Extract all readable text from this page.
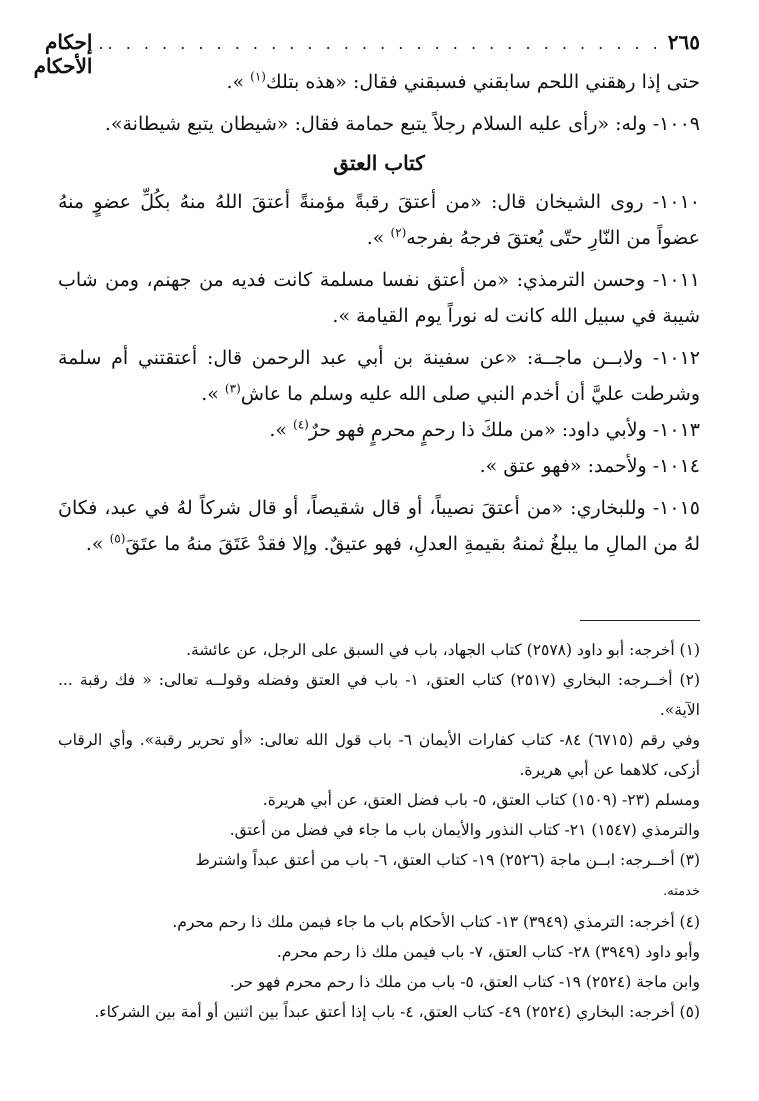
٢٦٥
. . . . . . . . . . . . . . . . . . . . . . . . . . . . . . ..
إحكام الأحكام

حتى إذا رهقني اللحم سابقني فسبقني فقال: «هذه بتلك$^{(١)}$ ».

١٠٠٩- وله: «رأى عليه السلام رجلاً يتبع حمامة فقال: «شيطان يتبع شيطانة».

كتاب العتق

١٠١٠- روى الشيخان قال: «من أعتقَ رقبةً مؤمنةً أعتقَ اللهُ منهُ بكُلِّ عضوٍ منهُ عضواً من النّارِ حتّى يُعتقَ فرجهُ بفرجه$^{(٢)}$ ».

١٠١١- وحسن الترمذي: «من أعتق نفسا مسلمة كانت فديه من جهنم، ومن شاب شيبة في سبيل الله كانت له نوراً يوم القيامة ».

١٠١٢- ولابــن ماجــة: «عن سفينة بن أبي عبد الرحمن قال: أعتقتني أم سلمة وشرطت عليَّ أن أخدم النبي صلى الله عليه وسلم ما عاش$^{(٣)}$ ».

١٠١٣- ولأبي داود: «من ملكَ ذا رحمٍ محرمٍ فهو حرٌ$^{(٤)}$ ».

١٠١٤- ولأحمد: «فهو عتق ».

١٠١٥- وللبخاري: «من أعتقَ نصيباً، أو قال شقيصاً، أو قال شركاً لهُ في عبد، فكانَ لهُ من المالِ ما يبلغُ ثمنهُ بقيمةِ العدلِ، فهو عتيقٌ. وإلا فقدْ عَتَقَ منهُ ما عتَقَ$^{(٥)}$ ».

(١) أخرجه: أبو داود (٢٥٧٨) كتاب الجهاد، باب في السبق على الرجل، عن عائشة.

(٢) أخــرجه: البخاري (٢٥١٧) كتاب العتق، ١- باب في العتق وفضله وقولــه تعالى: « فك رقبة ... الآية».

وفي رقم (٦٧١٥) ٨٤- كتاب كفارات الأيمان ٦- باب قول الله تعالى: «أو تحرير رقبة». وأي الرقاب أزكى، كلاهما عن أبي هريرة.

ومسلم (٢٣- (١٥٠٩) كتاب العتق، ٥- باب فضل العتق، عن أبي هريرة.

والترمذي (١٥٤٧) ٢١- كتاب النذور والأيمان باب ما جاء في فضل من أعتق.

(٣) أخــرجه: ابــن ماجة (٢٥٢٦) ١٩- كتاب العتق، ٦- باب من أعتق عبداً واشترط
خدمته.

(٤) أخرجه: الترمذي (٣٩٤٩) ١٣- كتاب الأحكام باب ما جاء فيمن ملك ذا رحم محرم.

وأبو داود (٣٩٤٩) ٢٨- كتاب العتق، ٧- باب فيمن ملك ذا رحم محرم.

وابن ماجة (٢٥٢٤) ١٩- كتاب العتق، ٥- باب من ملك ذا رحم محرم فهو حر.

(٥) أخرجه: البخاري (٢٥٢٤) ٤٩- كتاب العتق، ٤- باب إذا أعتق عبداً بين اثنين أو أمة بين الشركاء.
